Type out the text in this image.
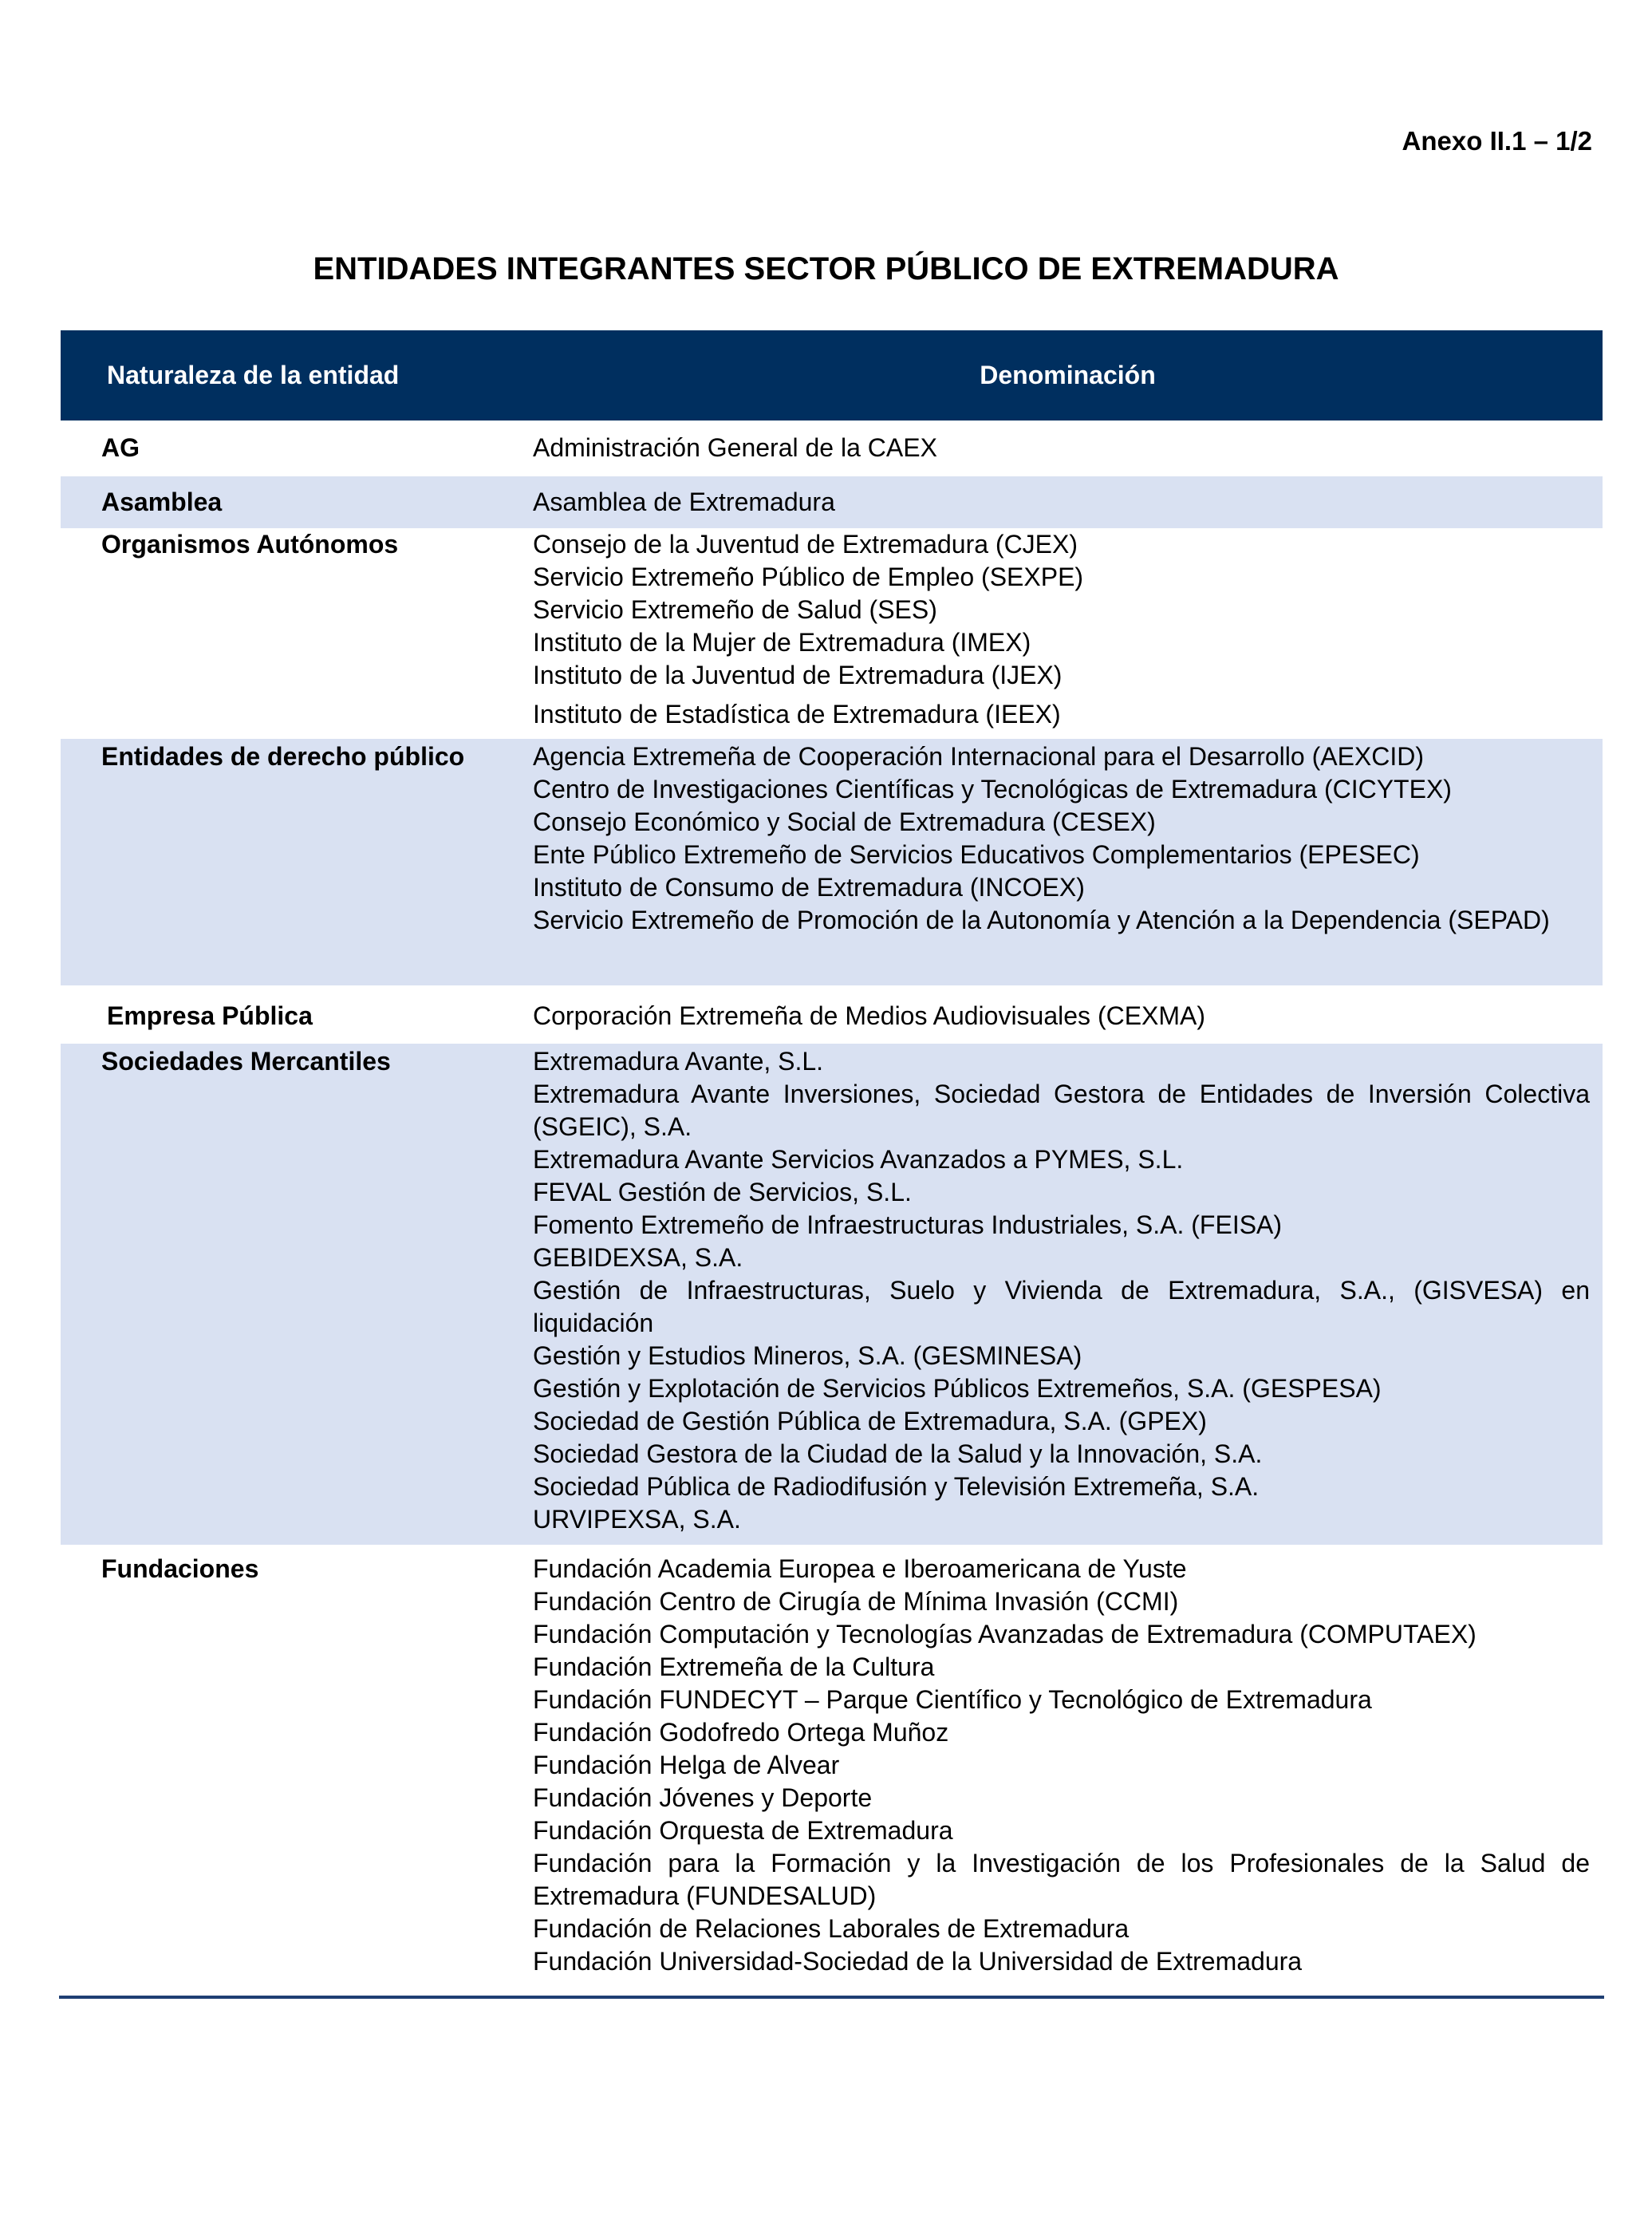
Anexo II.1 – 1/2
ENTIDADES INTEGRANTES SECTOR PÚBLICO DE EXTREMADURA
Naturaleza de la entidad	Denominación
AG	Administración General de la CAEX
Asamblea	Asamblea de Extremadura
Organismos Autónomos	Consejo de la Juventud de Extremadura (CJEX)
Servicio Extremeño Público de Empleo (SEXPE)
Servicio Extremeño de Salud (SES)
Instituto de la Mujer de Extremadura (IMEX)
Instituto de la Juventud de Extremadura (IJEX)
Instituto de Estadística de Extremadura (IEEX)
Entidades de derecho público	Agencia Extremeña de Cooperación Internacional para el Desarrollo (AEXCID)
Centro de Investigaciones Científicas y Tecnológicas de Extremadura (CICYTEX)
Consejo Económico y Social de Extremadura (CESEX)
Ente Público Extremeño de Servicios Educativos Complementarios (EPESEC)
Instituto de Consumo de Extremadura (INCOEX)
Servicio Extremeño de Promoción de la Autonomía y Atención a la Dependencia (SEPAD)
Empresa Pública	Corporación Extremeña de Medios Audiovisuales (CEXMA)
Sociedades Mercantiles	Extremadura Avante, S.L.
Extremadura Avante Inversiones, Sociedad Gestora de Entidades de Inversión Colectiva (SGEIC), S.A.
Extremadura Avante Servicios Avanzados a PYMES, S.L.
FEVAL Gestión de Servicios, S.L.
Fomento Extremeño de Infraestructuras Industriales, S.A. (FEISA)
GEBIDEXSA, S.A.
Gestión de Infraestructuras, Suelo y Vivienda de Extremadura, S.A., (GISVESA) en liquidación
Gestión y Estudios Mineros, S.A. (GESMINESA)
Gestión y Explotación de Servicios Públicos Extremeños, S.A. (GESPESA)
Sociedad de Gestión Pública de Extremadura, S.A. (GPEX)
Sociedad Gestora de la Ciudad de la Salud y la Innovación, S.A.
Sociedad Pública de Radiodifusión y Televisión Extremeña, S.A.
URVIPEXSA, S.A.
Fundaciones	Fundación Academia Europea e Iberoamericana de Yuste
Fundación Centro de Cirugía de Mínima Invasión (CCMI)
Fundación Computación y Tecnologías Avanzadas de Extremadura (COMPUTAEX)
Fundación Extremeña de la Cultura
Fundación FUNDECYT – Parque Científico y Tecnológico de Extremadura
Fundación Godofredo Ortega Muñoz
Fundación Helga de Alvear
Fundación Jóvenes y Deporte
Fundación Orquesta de Extremadura
Fundación para la Formación y la Investigación de los Profesionales de la Salud de Extremadura (FUNDESALUD)
Fundación de Relaciones Laborales de Extremadura
Fundación Universidad-Sociedad de la Universidad de Extremadura
